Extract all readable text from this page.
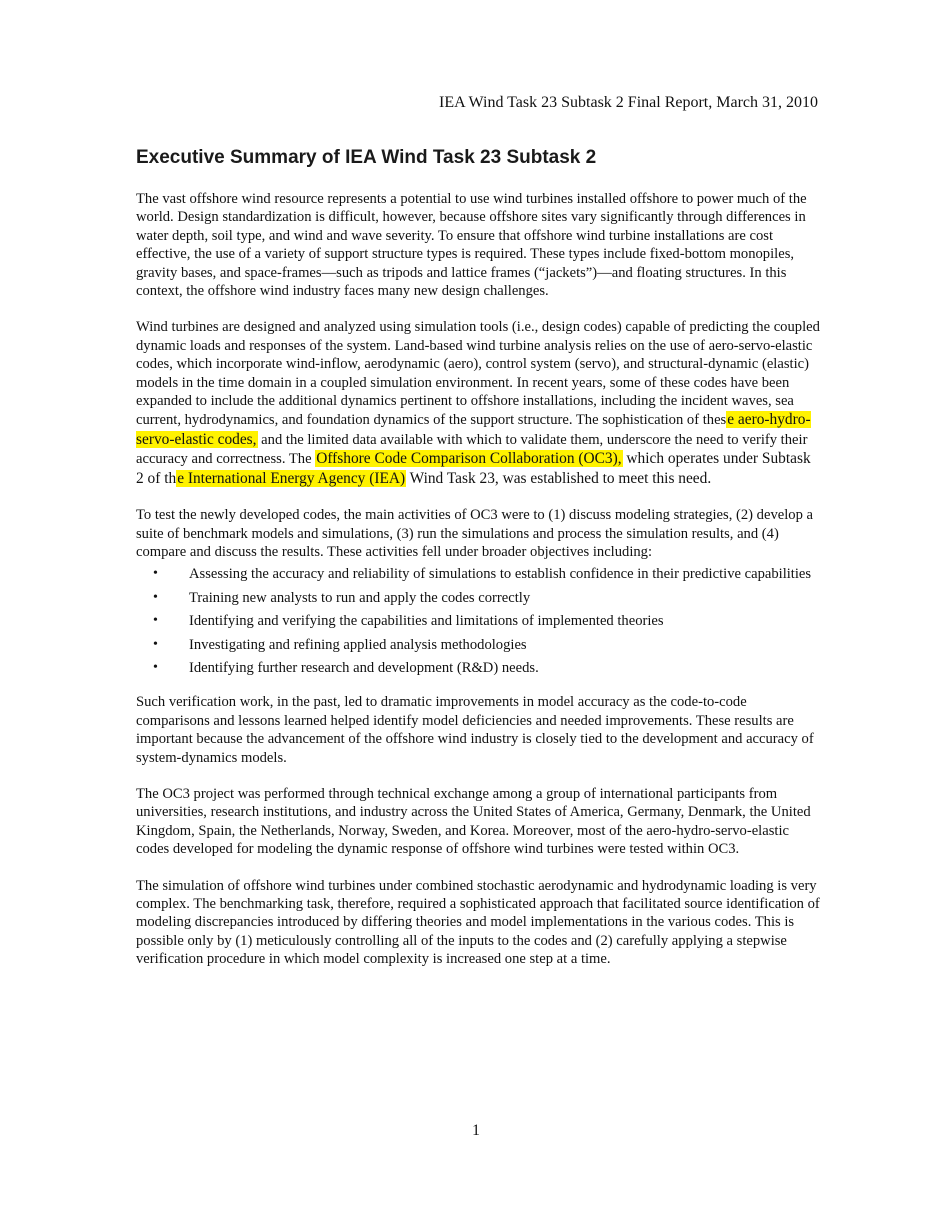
IEA Wind Task 23 Subtask 2 Final Report, March 31, 2010
Executive Summary of IEA Wind Task 23 Subtask 2

The vast offshore wind resource represents a potential to use wind turbines installed offshore to power much of the world. Design standardization is difficult, however, because offshore sites vary significantly through differences in water depth, soil type, and wind and wave severity. To ensure that offshore wind turbine installations are cost effective, the use of a variety of support structure types is required. These types include fixed-bottom monopiles, gravity bases, and space-frames—such as tripods and lattice frames (“jackets”)—and floating structures. In this context, the offshore wind industry faces many new design challenges.

Wind turbines are designed and analyzed using simulation tools (i.e., design codes) capable of predicting the coupled dynamic loads and responses of the system. Land-based wind turbine analysis relies on the use of aero-servo-elastic codes, which incorporate wind-inflow, aerodynamic (aero), control system (servo), and structural-dynamic (elastic) models in the time domain in a coupled simulation environment. In recent years, some of these codes have been expanded to include the additional dynamics pertinent to offshore installations, including the incident waves, sea current, hydrodynamics, and foundation dynamics of the support structure. The sophistication of these aero-hydro-servo-elastic codes, and the limited data available with which to validate them, underscore the need to verify their accuracy and correctness. The Offshore Code Comparison Collaboration (OC3), which operates under Subtask 2 of the International Energy Agency (IEA) Wind Task 23, was established to meet this need.

To test the newly developed codes, the main activities of OC3 were to (1) discuss modeling strategies, (2) develop a suite of benchmark models and simulations, (3) run the simulations and process the simulation results, and (4) compare and discuss the results. These activities fell under broader objectives including:

• Assessing the accuracy and reliability of simulations to establish confidence in their predictive capabilities
• Training new analysts to run and apply the codes correctly
• Identifying and verifying the capabilities and limitations of implemented theories
• Investigating and refining applied analysis methodologies
• Identifying further research and development (R&D) needs.

Such verification work, in the past, led to dramatic improvements in model accuracy as the code-to-code comparisons and lessons learned helped identify model deficiencies and needed improvements. These results are important because the advancement of the offshore wind industry is closely tied to the development and accuracy of system-dynamics models.

The OC3 project was performed through technical exchange among a group of international participants from universities, research institutions, and industry across the United States of America, Germany, Denmark, the United Kingdom, Spain, the Netherlands, Norway, Sweden, and Korea. Moreover, most of the aero-hydro-servo-elastic codes developed for modeling the dynamic response of offshore wind turbines were tested within OC3.

The simulation of offshore wind turbines under combined stochastic aerodynamic and hydrodynamic loading is very complex. The benchmarking task, therefore, required a sophisticated approach that facilitated source identification of modeling discrepancies introduced by differing theories and model implementations in the various codes. This is possible only by (1) meticulously controlling all of the inputs to the codes and (2) carefully applying a stepwise verification procedure in which model complexity is increased one step at a time.

1
